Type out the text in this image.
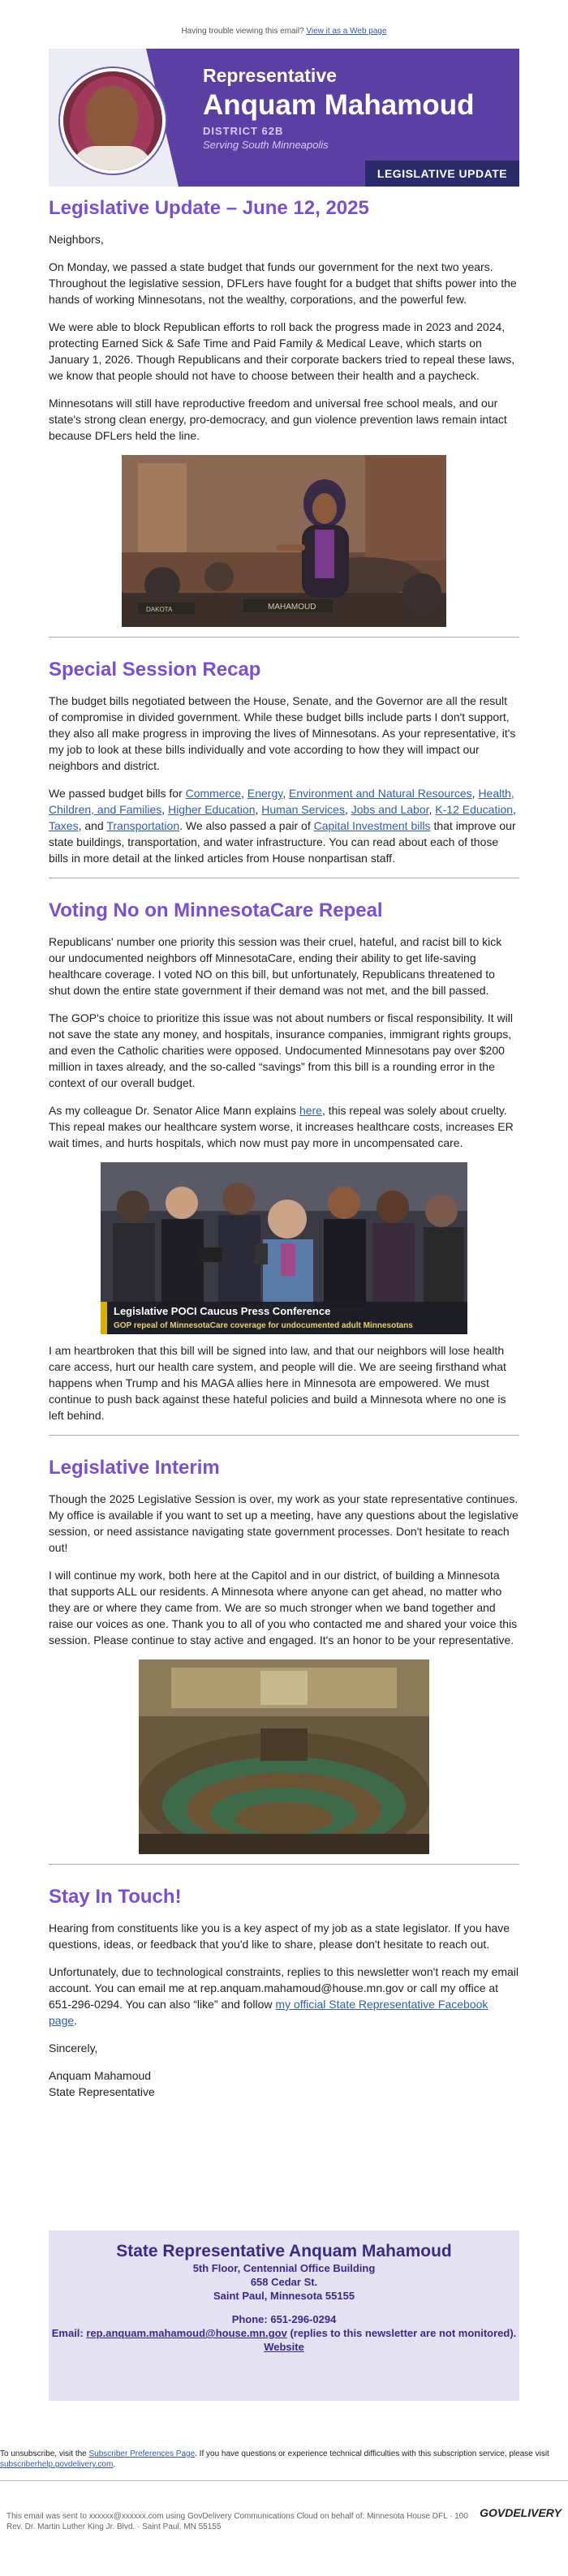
Having trouble viewing this email? View it as a Web page
Representative
Anquam Mahamoud
DISTRICT 62B
Serving South Minneapolis
LEGISLATIVE UPDATE
Legislative Update – June 12, 2025

Neighbors,

On Monday, we passed a state budget that funds our government for the next two years. Throughout the legislative session, DFLers have fought for a budget that shifts power into the hands of working Minnesotans, not the wealthy, corporations, and the powerful few.

We were able to block Republican efforts to roll back the progress made in 2023 and 2024, protecting Earned Sick & Safe Time and Paid Family & Medical Leave, which starts on January 1, 2026. Though Republicans and their corporate backers tried to repeal these laws, we know that people should not have to choose between their health and a paycheck.

Minnesotans will still have reproductive freedom and universal free school meals, and our state's strong clean energy, pro-democracy, and gun violence prevention laws remain intact because DFLers held the line.

DAKOTA	MAHAMOUD
Special Session Recap

The budget bills negotiated between the House, Senate, and the Governor are all the result of compromise in divided government. While these budget bills include parts I don't support, they also all make progress in improving the lives of Minnesotans. As your representative, it's my job to look at these bills individually and vote according to how they will impact our neighbors and district.

We passed budget bills for Commerce, Energy, Environment and Natural Resources, Health, Children, and Families, Higher Education, Human Services, Jobs and Labor, K-12 Education, Taxes, and Transportation. We also passed a pair of Capital Investment bills that improve our state buildings, transportation, and water infrastructure. You can read about each of those bills in more detail at the linked articles from House nonpartisan staff.

Voting No on MinnesotaCare Repeal

Republicans' number one priority this session was their cruel, hateful, and racist bill to kick our undocumented neighbors off MinnesotaCare, ending their ability to get life-saving healthcare coverage. I voted NO on this bill, but unfortunately, Republicans threatened to shut down the entire state government if their demand was not met, and the bill passed.

The GOP's choice to prioritize this issue was not about numbers or fiscal responsibility. It will not save the state any money, and hospitals, insurance companies, immigrant rights groups, and even the Catholic charities were opposed. Undocumented Minnesotans pay over $200 million in taxes already, and the so-called “savings” from this bill is a rounding error in the context of our overall budget.

As my colleague Dr. Senator Alice Mann explains here, this repeal was solely about cruelty. This repeal makes our healthcare system worse, it increases healthcare costs, increases ER wait times, and hurts hospitals, which now must pay more in uncompensated care.

Legislative POCI Caucus Press Conference
GOP repeal of MinnesotaCare coverage for undocumented adult Minnesotans

I am heartbroken that this bill will be signed into law, and that our neighbors will lose health care access, hurt our health care system, and people will die. We are seeing firsthand what happens when Trump and his MAGA allies here in Minnesota are empowered. We must continue to push back against these hateful policies and build a Minnesota where no one is left behind.

Legislative Interim

Though the 2025 Legislative Session is over, my work as your state representative continues. My office is available if you want to set up a meeting, have any questions about the legislative session, or need assistance navigating state government processes. Don't hesitate to reach out!

I will continue my work, both here at the Capitol and in our district, of building a Minnesota that supports ALL our residents. A Minnesota where anyone can get ahead, no matter who they are or where they came from. We are so much stronger when we band together and raise our voices as one. Thank you to all of you who contacted me and shared your voice this session. Please continue to stay active and engaged. It's an honor to be your representative.

Stay In Touch!

Hearing from constituents like you is a key aspect of my job as a state legislator. If you have questions, ideas, or feedback that you'd like to share, please don't hesitate to reach out.

Unfortunately, due to technological constraints, replies to this newsletter won't reach my email account. You can email me at rep.anquam.mahamoud@house.mn.gov or call my office at 651-296-0294. You can also “like” and follow my official State Representative Facebook page.

Sincerely,

Anquam Mahamoud
State Representative

State Representative Anquam Mahamoud
5th Floor, Centennial Office Building
658 Cedar St.
Saint Paul, Minnesota 55155
Phone: 651-296-0294
Email: rep.anquam.mahamoud@house.mn.gov (replies to this newsletter are not monitored).
Website
To unsubscribe, visit the Subscriber Preferences Page. If you have questions or experience technical difficulties with this subscription service, please visit subscriberhelp.govdelivery.com.
This email was sent to xxxxxx@xxxxxx.com using GovDelivery Communications Cloud on behalf of: Minnesota House DFL · 100 Rev. Dr. Martin Luther King Jr. Blvd. · Saint Paul, MN 55155
GOVDELIVERY
